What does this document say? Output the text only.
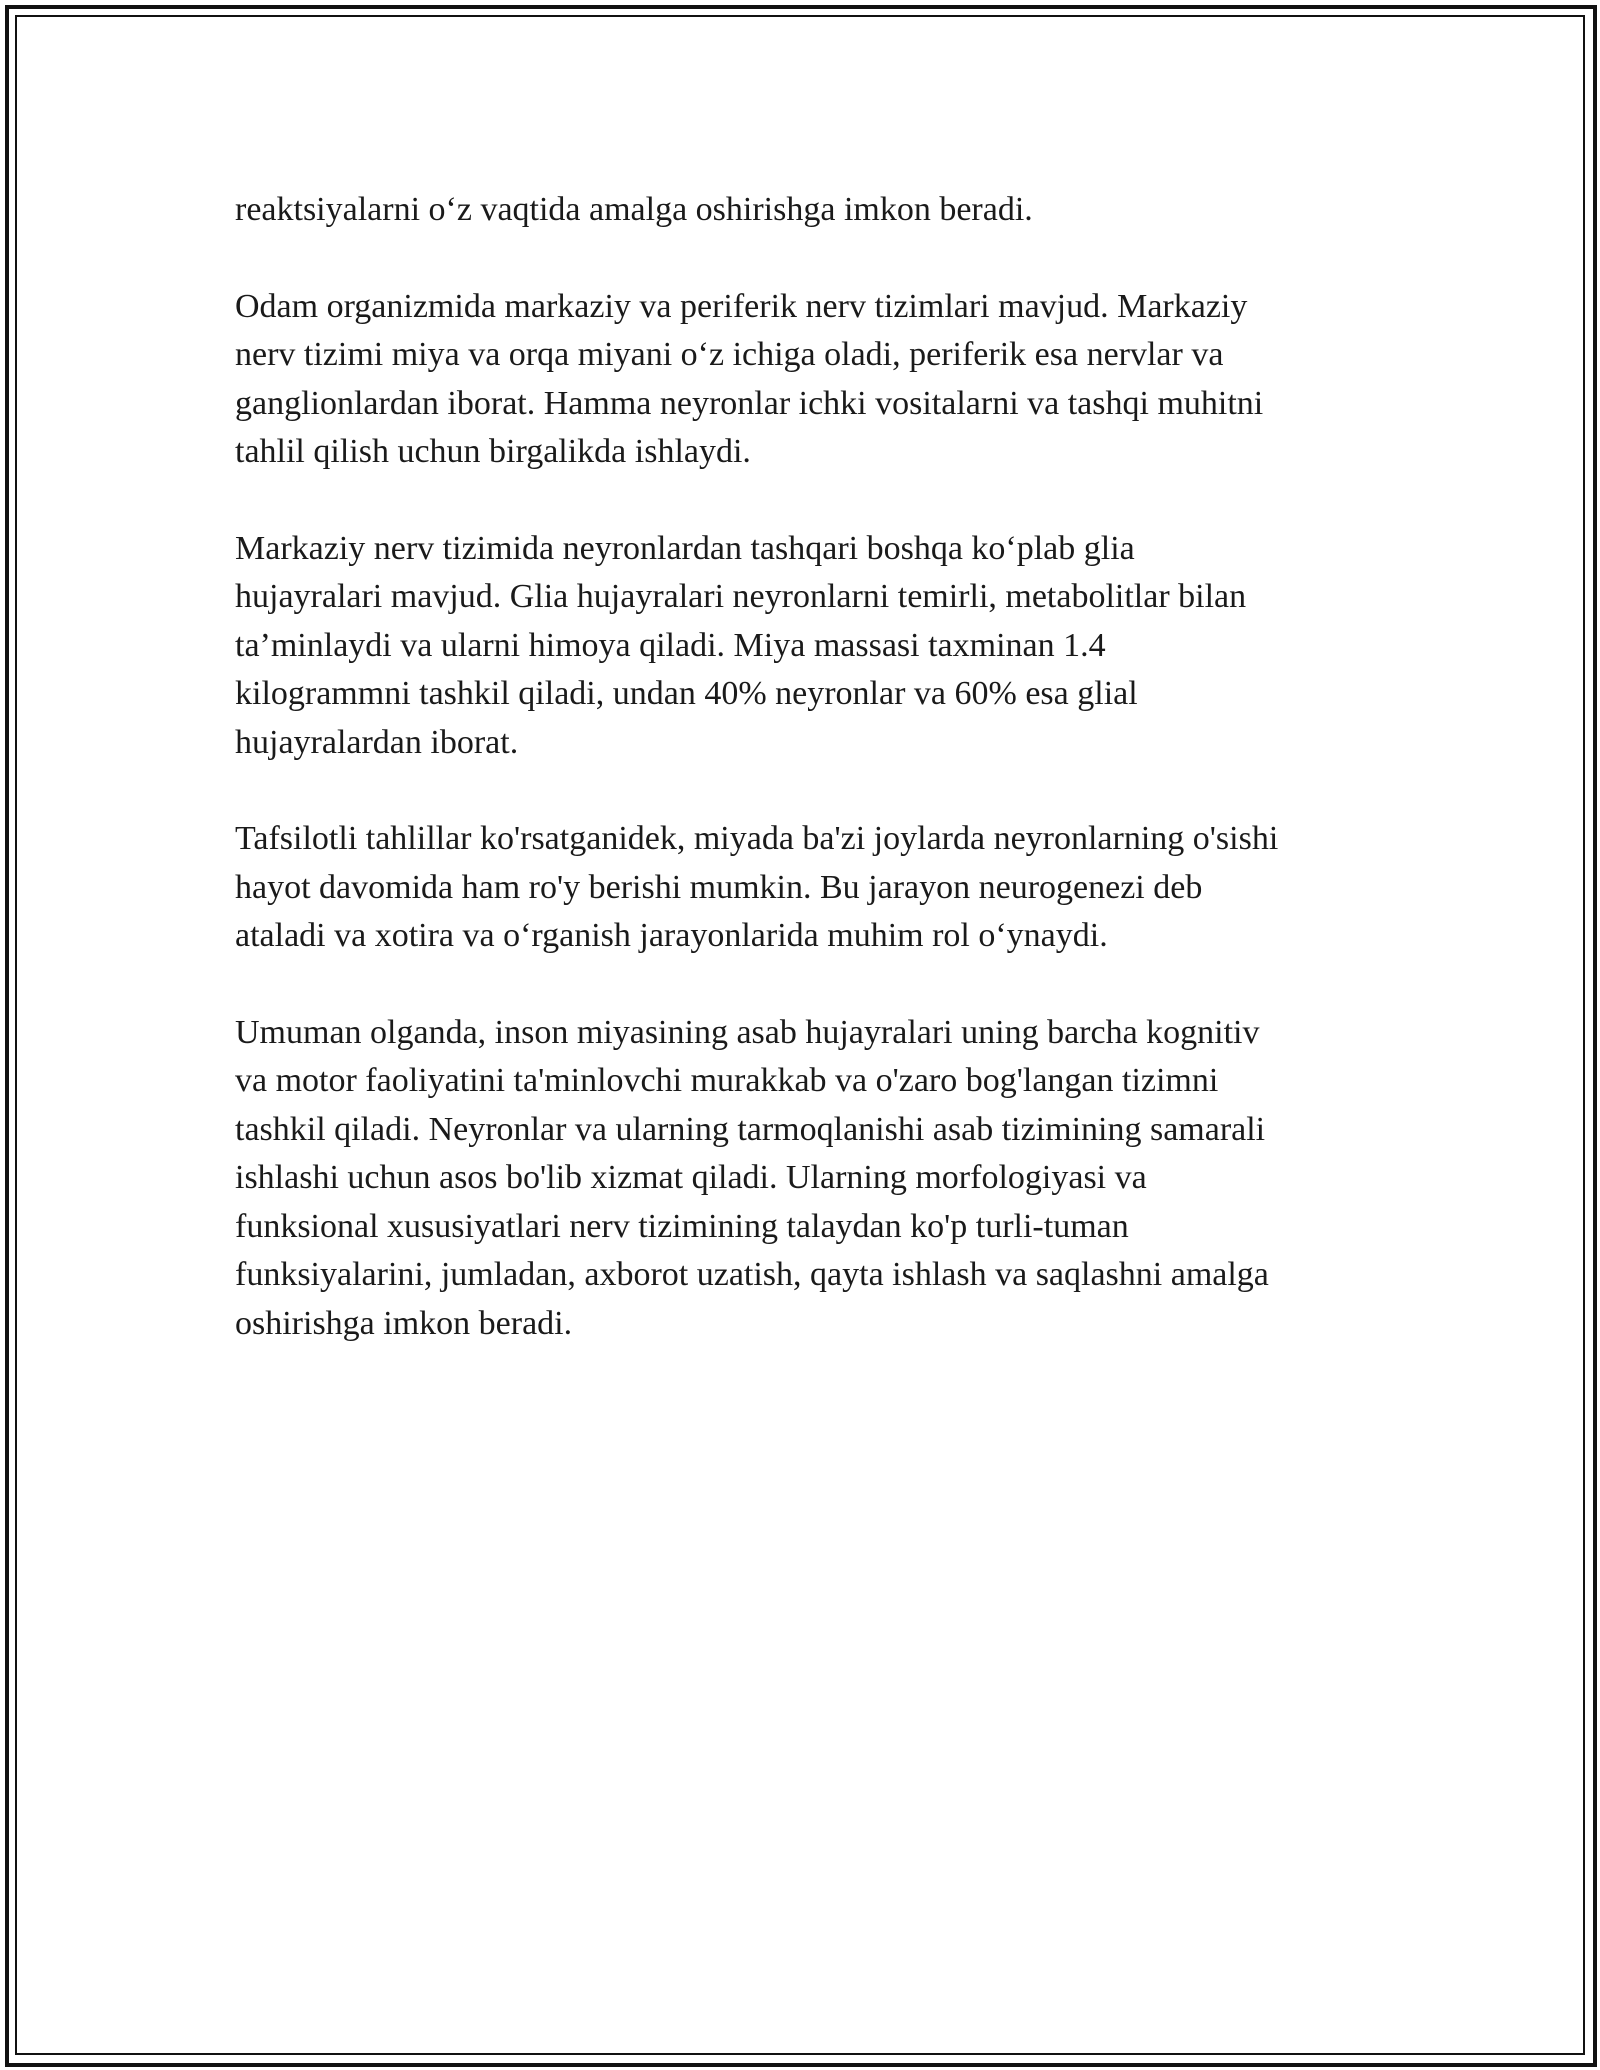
reaktsiyalarni o‘z vaqtida amalga oshirishga imkon beradi.

Odam organizmida markaziy va periferik nerv tizimlari mavjud. Markaziy
nerv tizimi miya va orqa miyani o‘z ichiga oladi, periferik esa nervlar va
ganglionlardan iborat. Hamma neyronlar ichki vositalarni va tashqi muhitni
tahlil qilish uchun birgalikda ishlaydi.

Markaziy nerv tizimida neyronlardan tashqari boshqa ko‘plab glia
hujayralari mavjud. Glia hujayralari neyronlarni temirli, metabolitlar bilan
ta’minlaydi va ularni himoya qiladi. Miya massasi taxminan 1.4
kilogrammni tashkil qiladi, undan 40% neyronlar va 60% esa glial
hujayralardan iborat.

Tafsilotli tahlillar ko'rsatganidek, miyada ba'zi joylarda neyronlarning o'sishi
hayot davomida ham ro'y berishi mumkin. Bu jarayon neurogenezi deb
ataladi va xotira va o‘rganish jarayonlarida muhim rol o‘ynaydi.

Umuman olganda, inson miyasining asab hujayralari uning barcha kognitiv
va motor faoliyatini ta'minlovchi murakkab va o'zaro bog'langan tizimni
tashkil qiladi. Neyronlar va ularning tarmoqlanishi asab tizimining samarali
ishlashi uchun asos bo'lib xizmat qiladi. Ularning morfologiyasi va
funksional xususiyatlari nerv tizimining talaydan ko'p turli-tuman
funksiyalarini, jumladan, axborot uzatish, qayta ishlash va saqlashni amalga
oshirishga imkon beradi.
